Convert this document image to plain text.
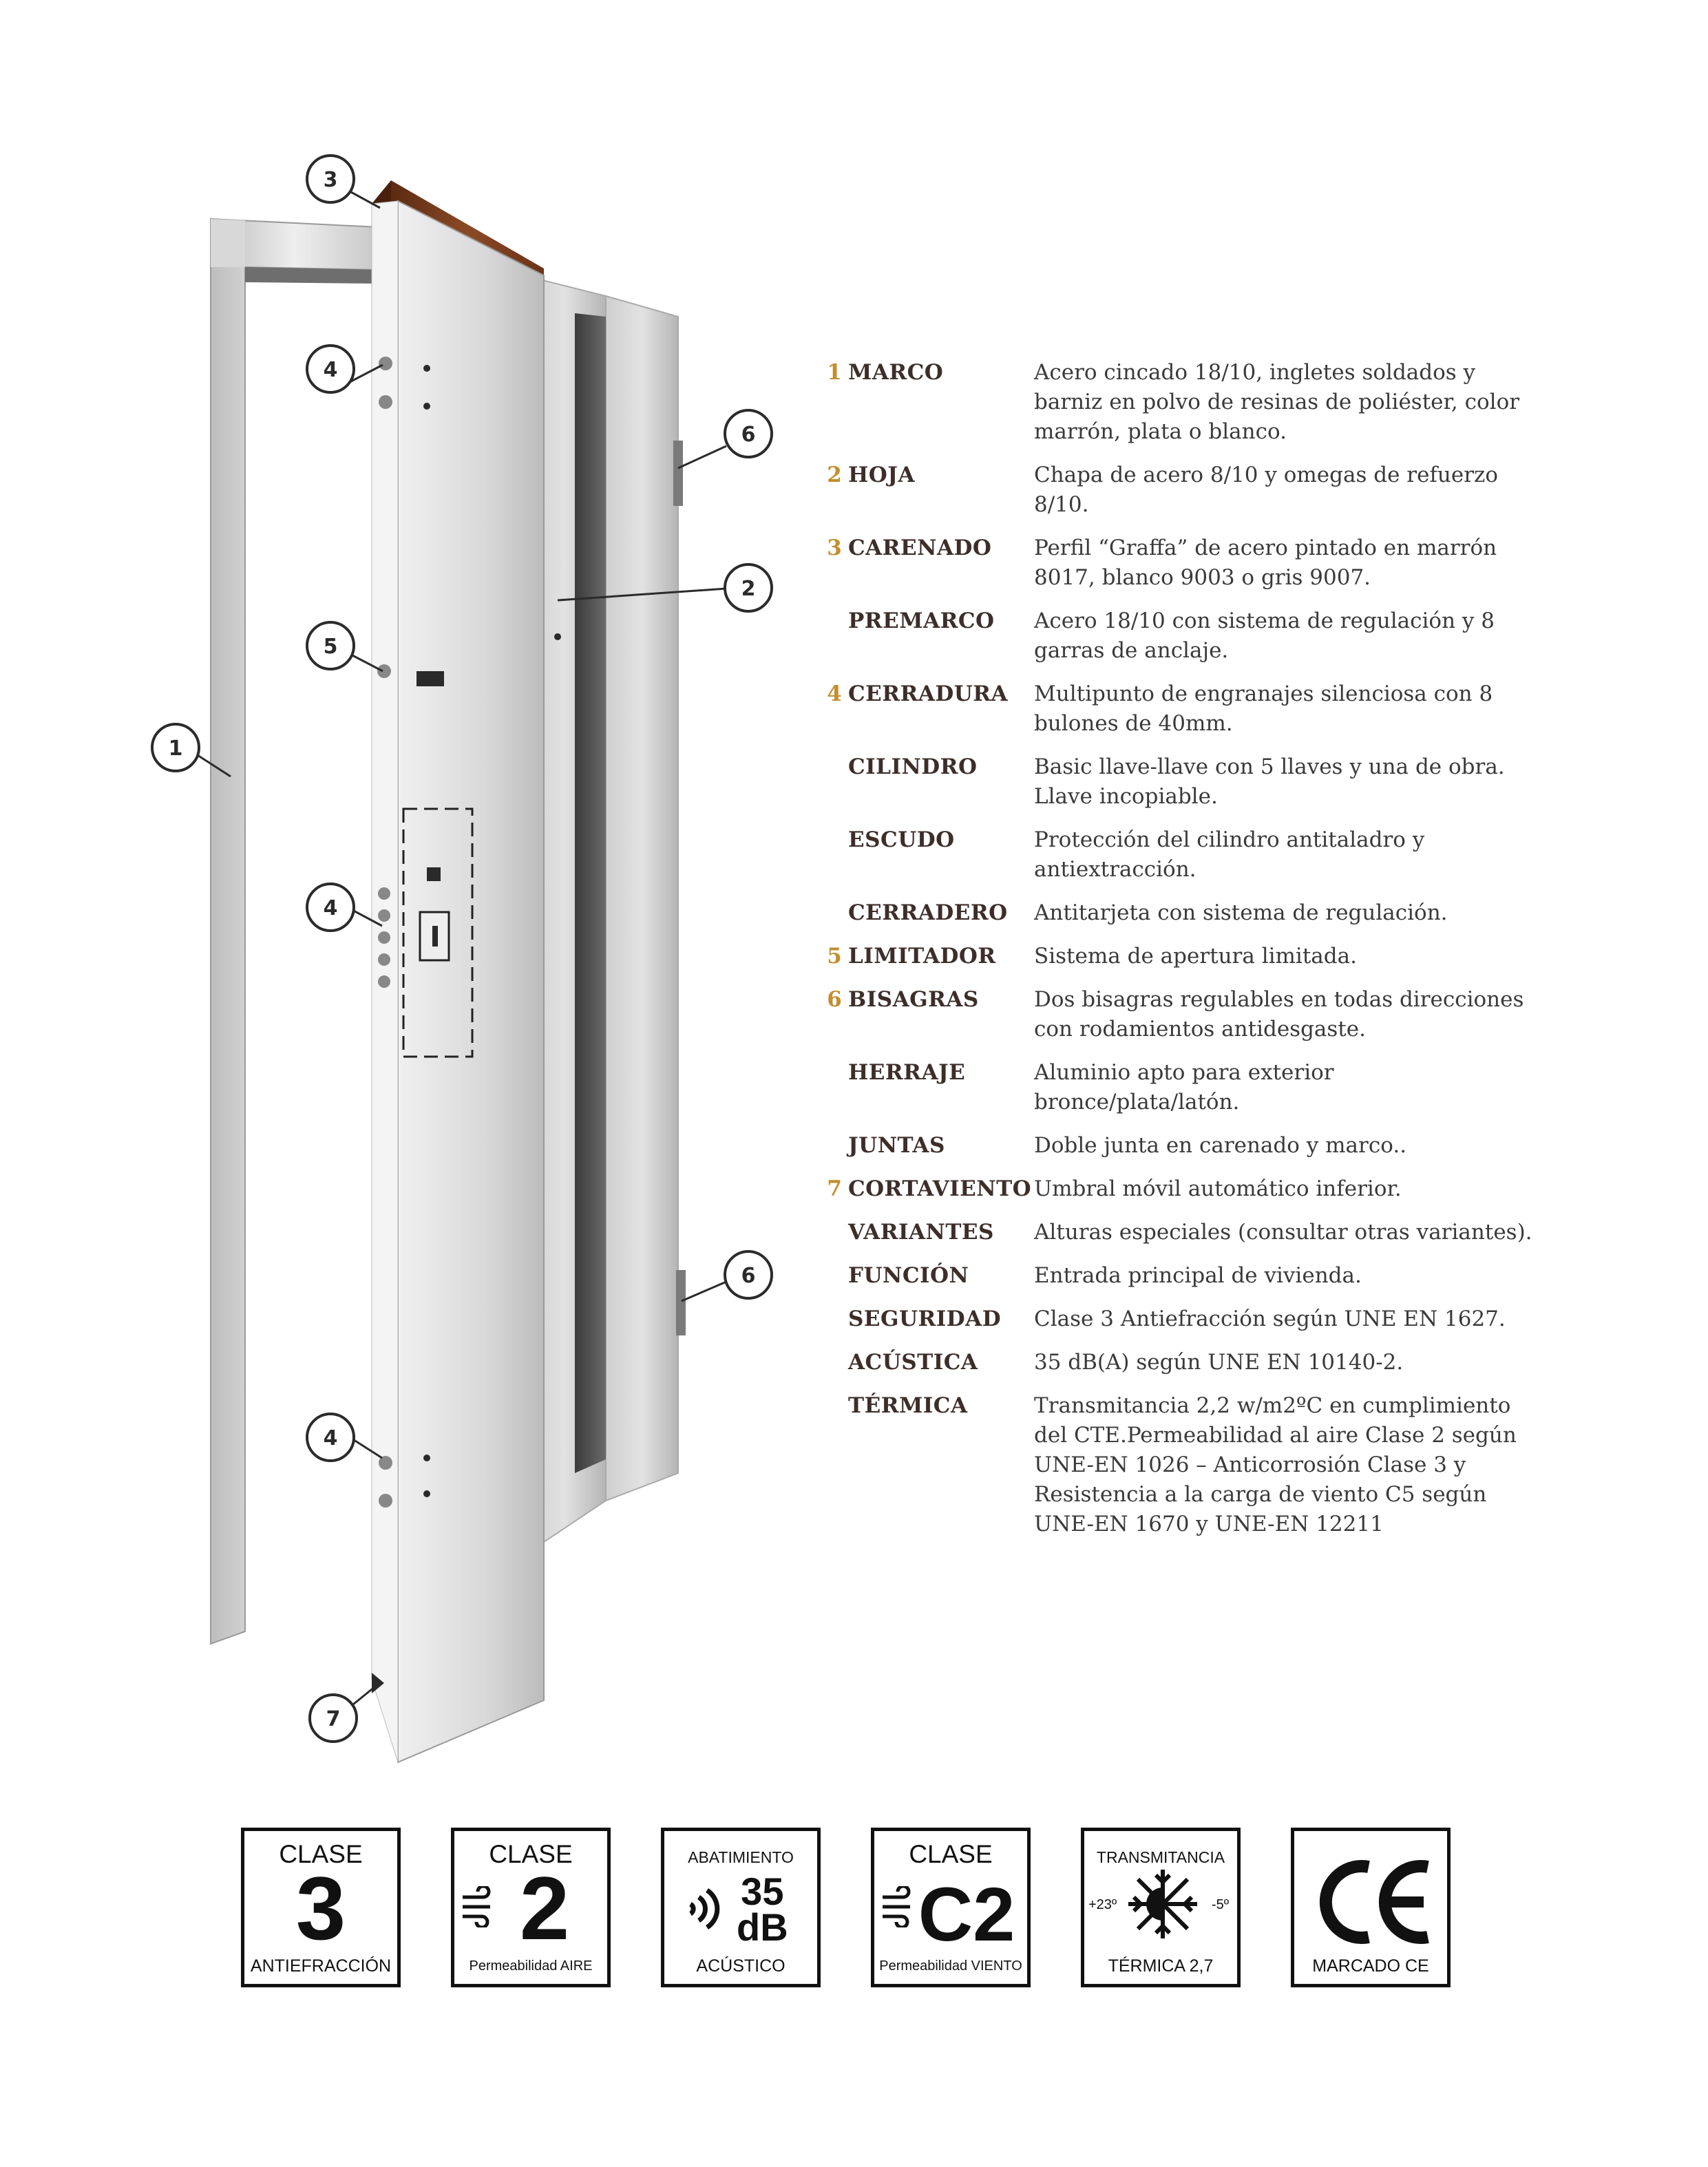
1
2
3
4
5
4
6
6
4
7
1 MARCO	Acero cincado 18/10, ingletes soldados y barniz en polvo de resinas de poliéster, color marrón, plata o blanco.
2 HOJA	Chapa de acero 8/10 y omegas de refuerzo 8/10.
3 CARENADO	Perfil “Graffa” de acero pintado en marrón 8017, blanco 9003 o gris 9007.
PREMARCO	Acero 18/10 con sistema de regulación y 8 garras de anclaje.
4 CERRADURA	Multipunto de engranajes silenciosa con 8 bulones de 40mm.
CILINDRO	Basic llave-llave con 5 llaves y una de obra. Llave incopiable.
ESCUDO	Protección del cilindro antitaladro y antiextracción.
CERRADERO	Antitarjeta con sistema de regulación.
5 LIMITADOR	Sistema de apertura limitada.
6 BISAGRAS	Dos bisagras regulables en todas direcciones con rodamientos antidesgaste.
HERRAJE	Aluminio apto para exterior bronce/plata/latón.
JUNTAS	Doble junta en carenado y marco..
7 CORTAVIENTO Umbral móvil automático inferior.
VARIANTES	Alturas especiales (consultar otras variantes).
FUNCIÓN	Entrada principal de vivienda.
SEGURIDAD	Clase 3 Antiefracción según UNE EN 1627.
ACÚSTICA	35 dB(A) según UNE EN 10140-2.
TÉRMICA	Transmitancia 2,2 w/m2ºC en cumplimiento del CTE.Permeabilidad al aire Clase 2 según UNE-EN 1026 – Anticorrosión Clase 3 y Resistencia a la carga de viento C5 según UNE-EN 1670 y UNE-EN 12211
CLASE
3
ANTIEFRACCIÓN
CLASE
2
Permeabilidad AIRE
ABATIMIENTO
35
dB
ACÚSTICO
CLASE
C2
Permeabilidad VIENTO
TRANSMITANCIA
+23º	-5º
TÉRMICA 2,7	MARCADO CE
